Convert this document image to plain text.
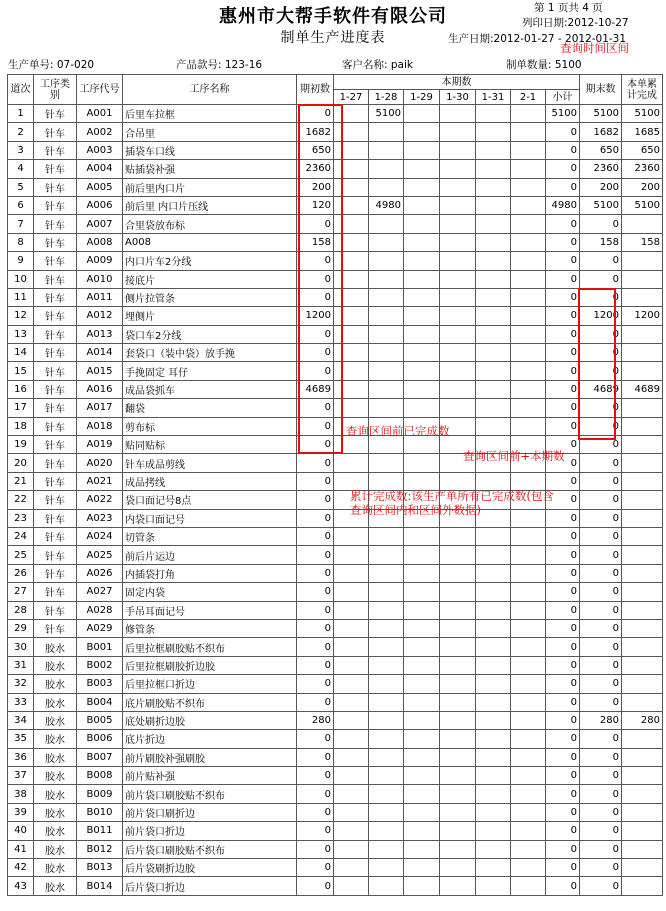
惠州市大帮手软件有限公司
制单生产进度表
第 1 页共 4 页
列印日期:2012-10-27
生产日期:2012-01-27 - 2012-01-31
生产单号: 07-020	产品款号: 123-16	客户名称: paik	制单数量: 5100
道次	工序类别	工序代号	工序名称	期初数	本期数							期末数	本单累计完成
					1-27	1-28	1-29	1-30	1-31	2-1	小计		
1	针车	A001	后里车拉框	0		5100					5100	5100	5100
2	针车	A002	合吊里	1682							0	1682	1685
3	针车	A003	插袋车口线	650							0	650	650
4	针车	A004	贴插袋补强	2360							0	2360	2360
5	针车	A005	前后里内口片	200							0	200	200
6	针车	A006	前后里 内口片压线	120		4980					4980	5100	5100
7	针车	A007	合里袋放布标	0							0	0	
8	针车	A008	A008	158							0	158	158
9	针车	A009	内口片车2分线	0							0	0	
10	针车	A010	接底片	0							0	0	
11	针车	A011	侧片拉管条	0							0	0	
12	针车	A012	埋侧片	1200							0	1200	1200
13	针车	A013	袋口车2分线	0							0	0	
14	针车	A014	套袋口（装中袋）放手挽	0							0	0	
15	针车	A015	手挽固定 耳仔	0							0	0	
16	针车	A016	成品袋抓车	4689							0	4689	4689
17	针车	A017	翻袋	0							0	0	
18	针车	A018	剪布标	0							0	0	
19	针车	A019	贴同贴标	0							0	0	
20	针车	A020	针车成品剪线	0							0	0	
21	针车	A021	成品拷线	0							0	0	
22	针车	A022	袋口面记号8点	0							0	0	
23	针车	A023	内袋口面记号	0							0	0	
24	针车	A024	切管条	0							0	0	
25	针车	A025	前后片运边	0							0	0	
26	针车	A026	内插袋打角	0							0	0	
27	针车	A027	固定内袋	0							0	0	
28	针车	A028	手吊耳面记号	0							0	0	
29	针车	A029	修管条	0							0	0	
30	胶水	B001	后里拉框刷胶贴不织布	0							0	0	
31	胶水	B002	后里拉框刷胶折边胶	0							0	0	
32	胶水	B003	后里拉框口折边	0							0	0	
33	胶水	B004	底片刷胶贴不织布	0							0	0	
34	胶水	B005	底处刷折边胶	280							0	280	280
35	胶水	B006	底片折边	0							0	0	
36	胶水	B007	前片刷胶补强刷胶	0							0	0	
37	胶水	B008	前片贴补强	0							0	0	
38	胶水	B009	前片袋口刷胶贴不织布	0							0	0	
39	胶水	B010	前片袋口刷折边	0							0	0	
40	胶水	B011	前片袋口折边	0							0	0	
41	胶水	B012	后片袋口刷胶贴不织布	0							0	0	
42	胶水	B013	后片袋刷折边胶	0							0	0	
43	胶水	B014	后片袋口折边	0							0	0	
查询时间区间
查询区间前已完成数
查询区间前+本期数
累计完成数:该生产单所有已完成数(包含查询区间内和区间外数据)
